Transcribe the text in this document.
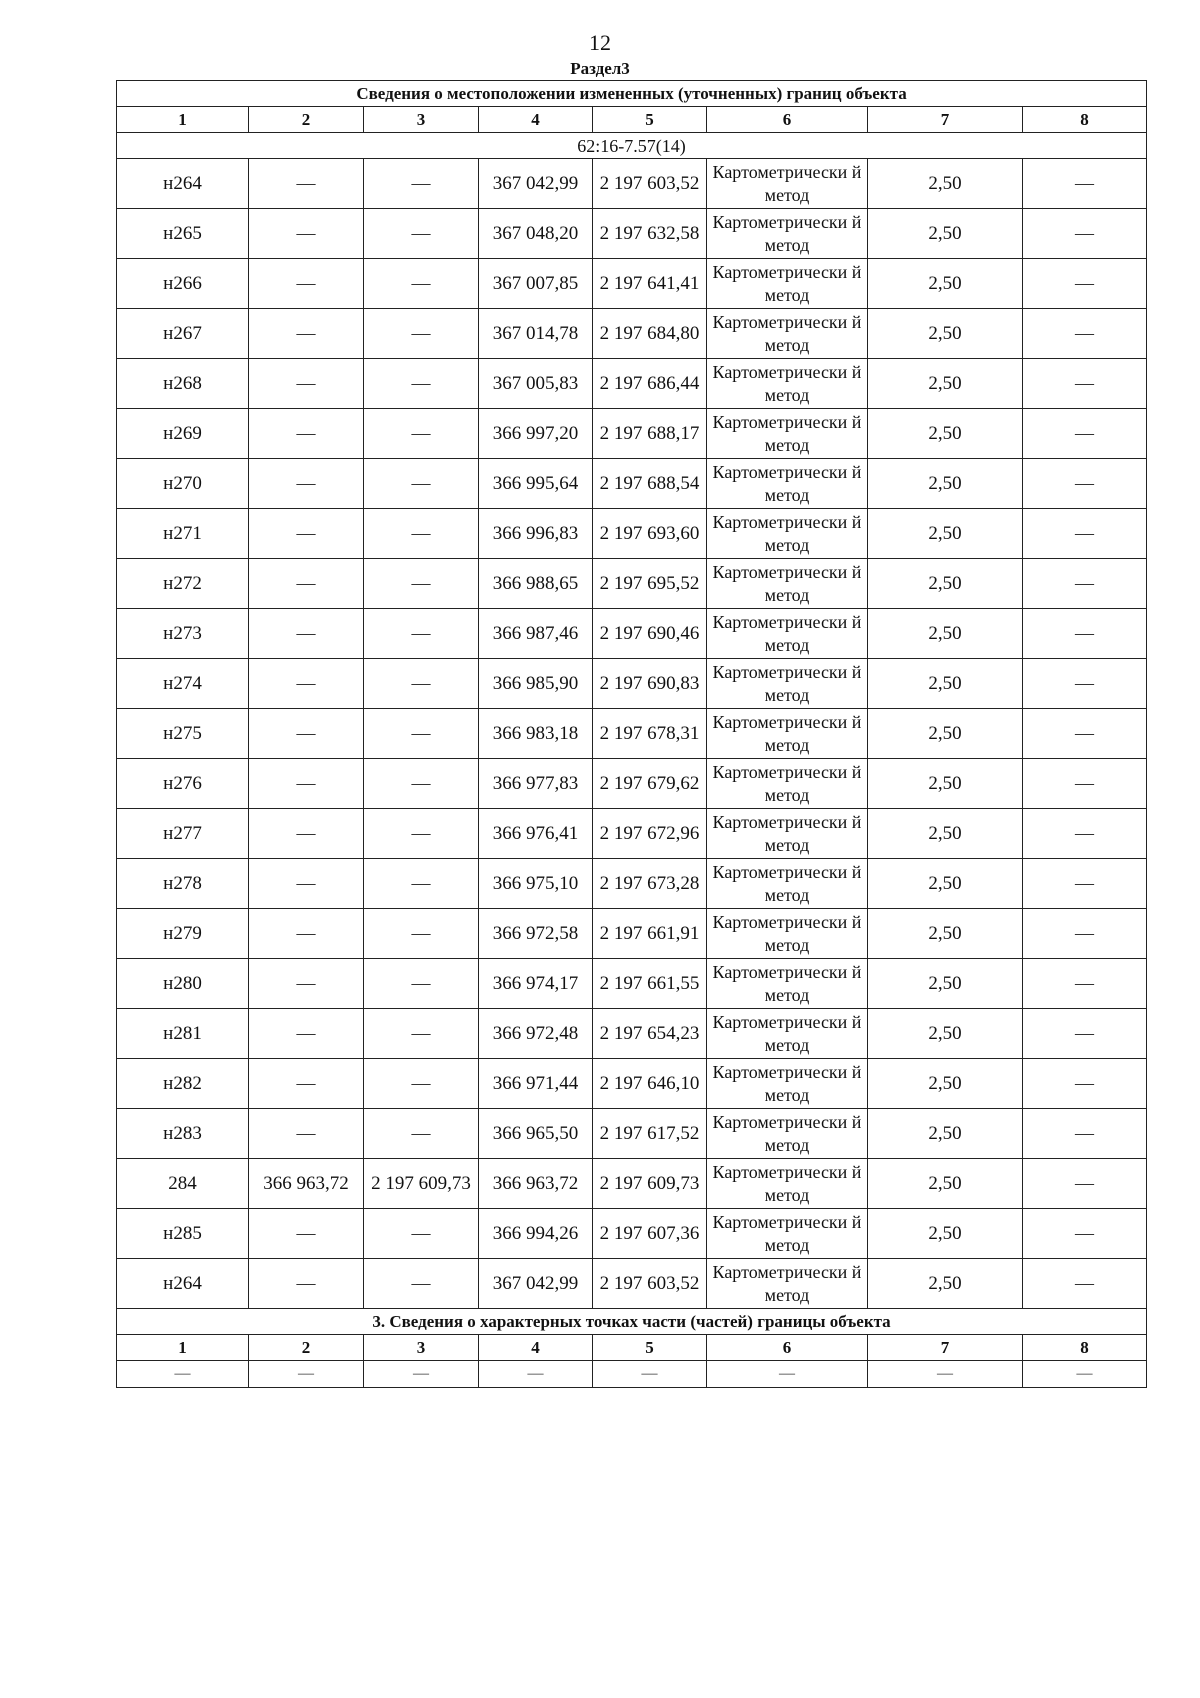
12
Раздел3
Сведения о местоположении измененных (уточненных) границ объекта							
1	2	3	4	5	6	7	8
62:16-7.57(14)							
н264	—	—	367 042,99	2 197 603,52	Картометрически й метод	2,50	—
н265	—	—	367 048,20	2 197 632,58	Картометрически й метод	2,50	—
н266	—	—	367 007,85	2 197 641,41	Картометрически й метод	2,50	—
н267	—	—	367 014,78	2 197 684,80	Картометрически й метод	2,50	—
н268	—	—	367 005,83	2 197 686,44	Картометрически й метод	2,50	—
н269	—	—	366 997,20	2 197 688,17	Картометрически й метод	2,50	—
н270	—	—	366 995,64	2 197 688,54	Картометрически й метод	2,50	—
н271	—	—	366 996,83	2 197 693,60	Картометрически й метод	2,50	—
н272	—	—	366 988,65	2 197 695,52	Картометрически й метод	2,50	—
н273	—	—	366 987,46	2 197 690,46	Картометрически й метод	2,50	—
н274	—	—	366 985,90	2 197 690,83	Картометрически й метод	2,50	—
н275	—	—	366 983,18	2 197 678,31	Картометрически й метод	2,50	—
н276	—	—	366 977,83	2 197 679,62	Картометрически й метод	2,50	—
н277	—	—	366 976,41	2 197 672,96	Картометрически й метод	2,50	—
н278	—	—	366 975,10	2 197 673,28	Картометрически й метод	2,50	—
н279	—	—	366 972,58	2 197 661,91	Картометрически й метод	2,50	—
н280	—	—	366 974,17	2 197 661,55	Картометрически й метод	2,50	—
н281	—	—	366 972,48	2 197 654,23	Картометрически й метод	2,50	—
н282	—	—	366 971,44	2 197 646,10	Картометрически й метод	2,50	—
н283	—	—	366 965,50	2 197 617,52	Картометрически й метод	2,50	—
284	366 963,72	2 197 609,73	366 963,72	2 197 609,73	Картометрически й метод	2,50	—
н285	—	—	366 994,26	2 197 607,36	Картометрически й метод	2,50	—
н264	—	—	367 042,99	2 197 603,52	Картометрически й метод	2,50	—
3. Сведения о характерных точках части (частей) границы объекта							
1	2	3	4	5	6	7	8
—	—	—	—	—	—	—	—
